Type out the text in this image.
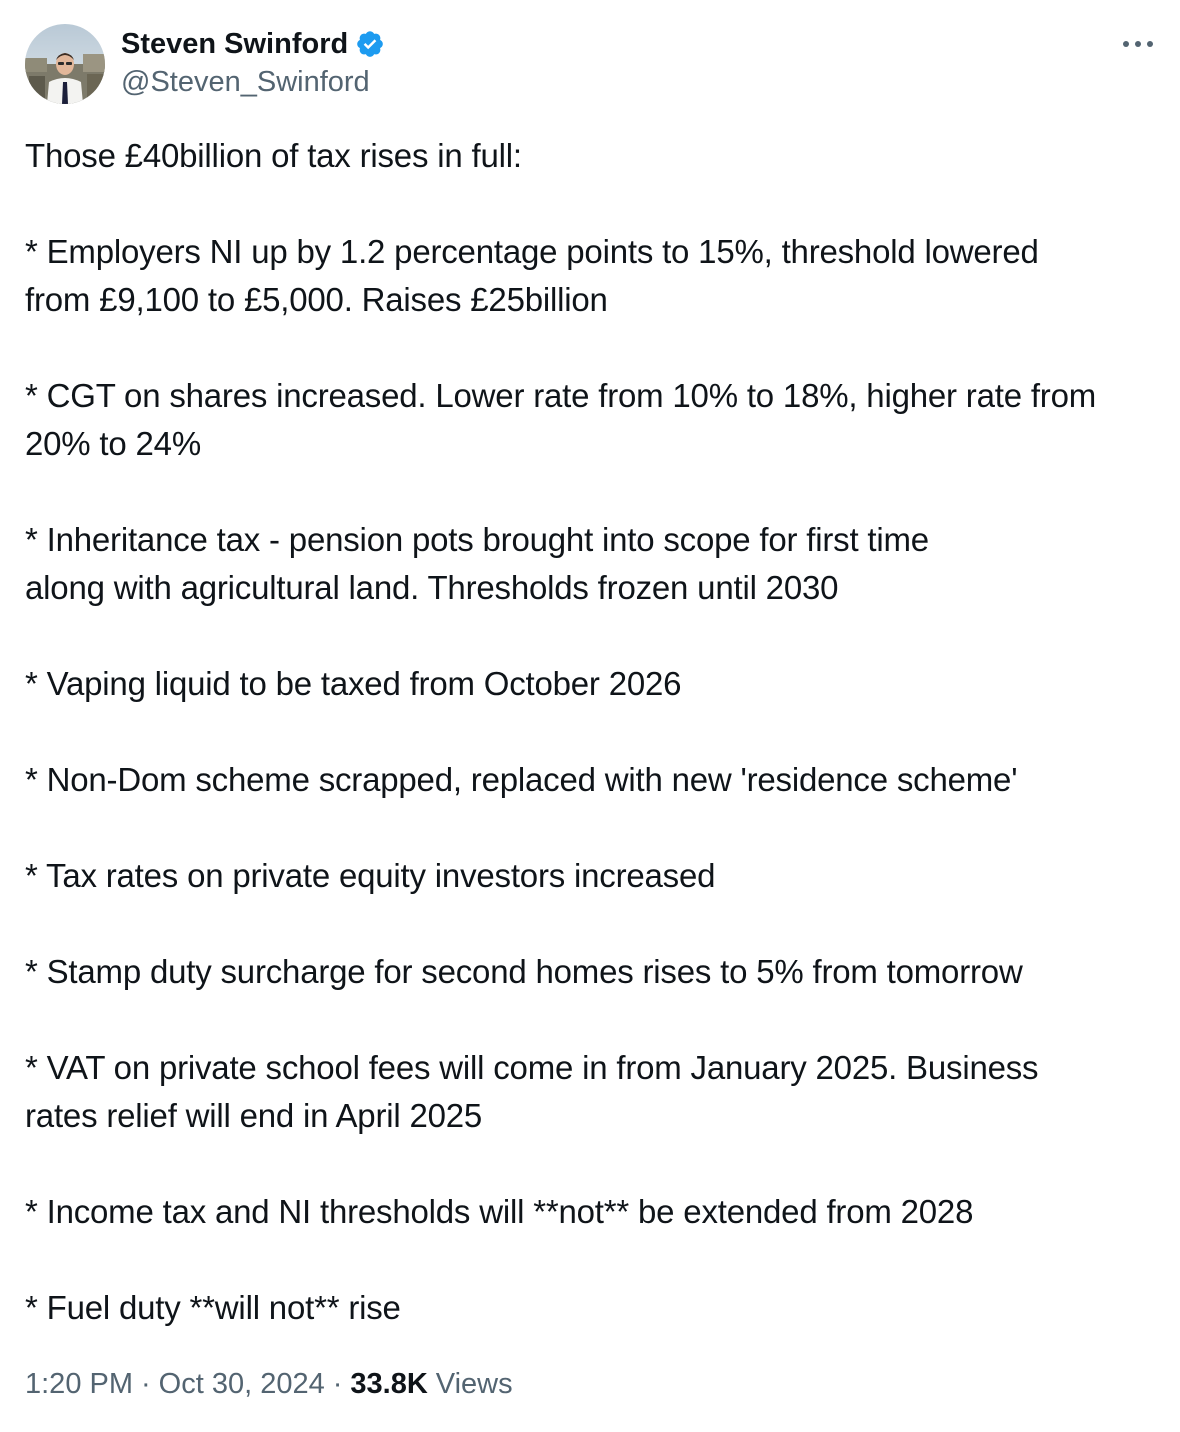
Steven Swinford
@Steven_Swinford
Those £40billion of tax rises in full:
* Employers NI up by 1.2 percentage points to 15%, threshold lowered
from £9,100 to £5,000. Raises £25billion
* CGT on shares increased. Lower rate from 10% to 18%, higher rate from
20% to 24%
* Inheritance tax - pension pots brought into scope for first time
along with agricultural land. Thresholds frozen until 2030
* Vaping liquid to be taxed from October 2026
* Non-Dom scheme scrapped, replaced with new 'residence scheme'
* Tax rates on private equity investors increased
* Stamp duty surcharge for second homes rises to 5% from tomorrow
* VAT on private school fees will come in from January 2025. Business
rates relief will end in April 2025
* Income tax and NI thresholds will **not** be extended from 2028
* Fuel duty **will not** rise
1:20 PM · Oct 30, 2024 · 33.8K Views
